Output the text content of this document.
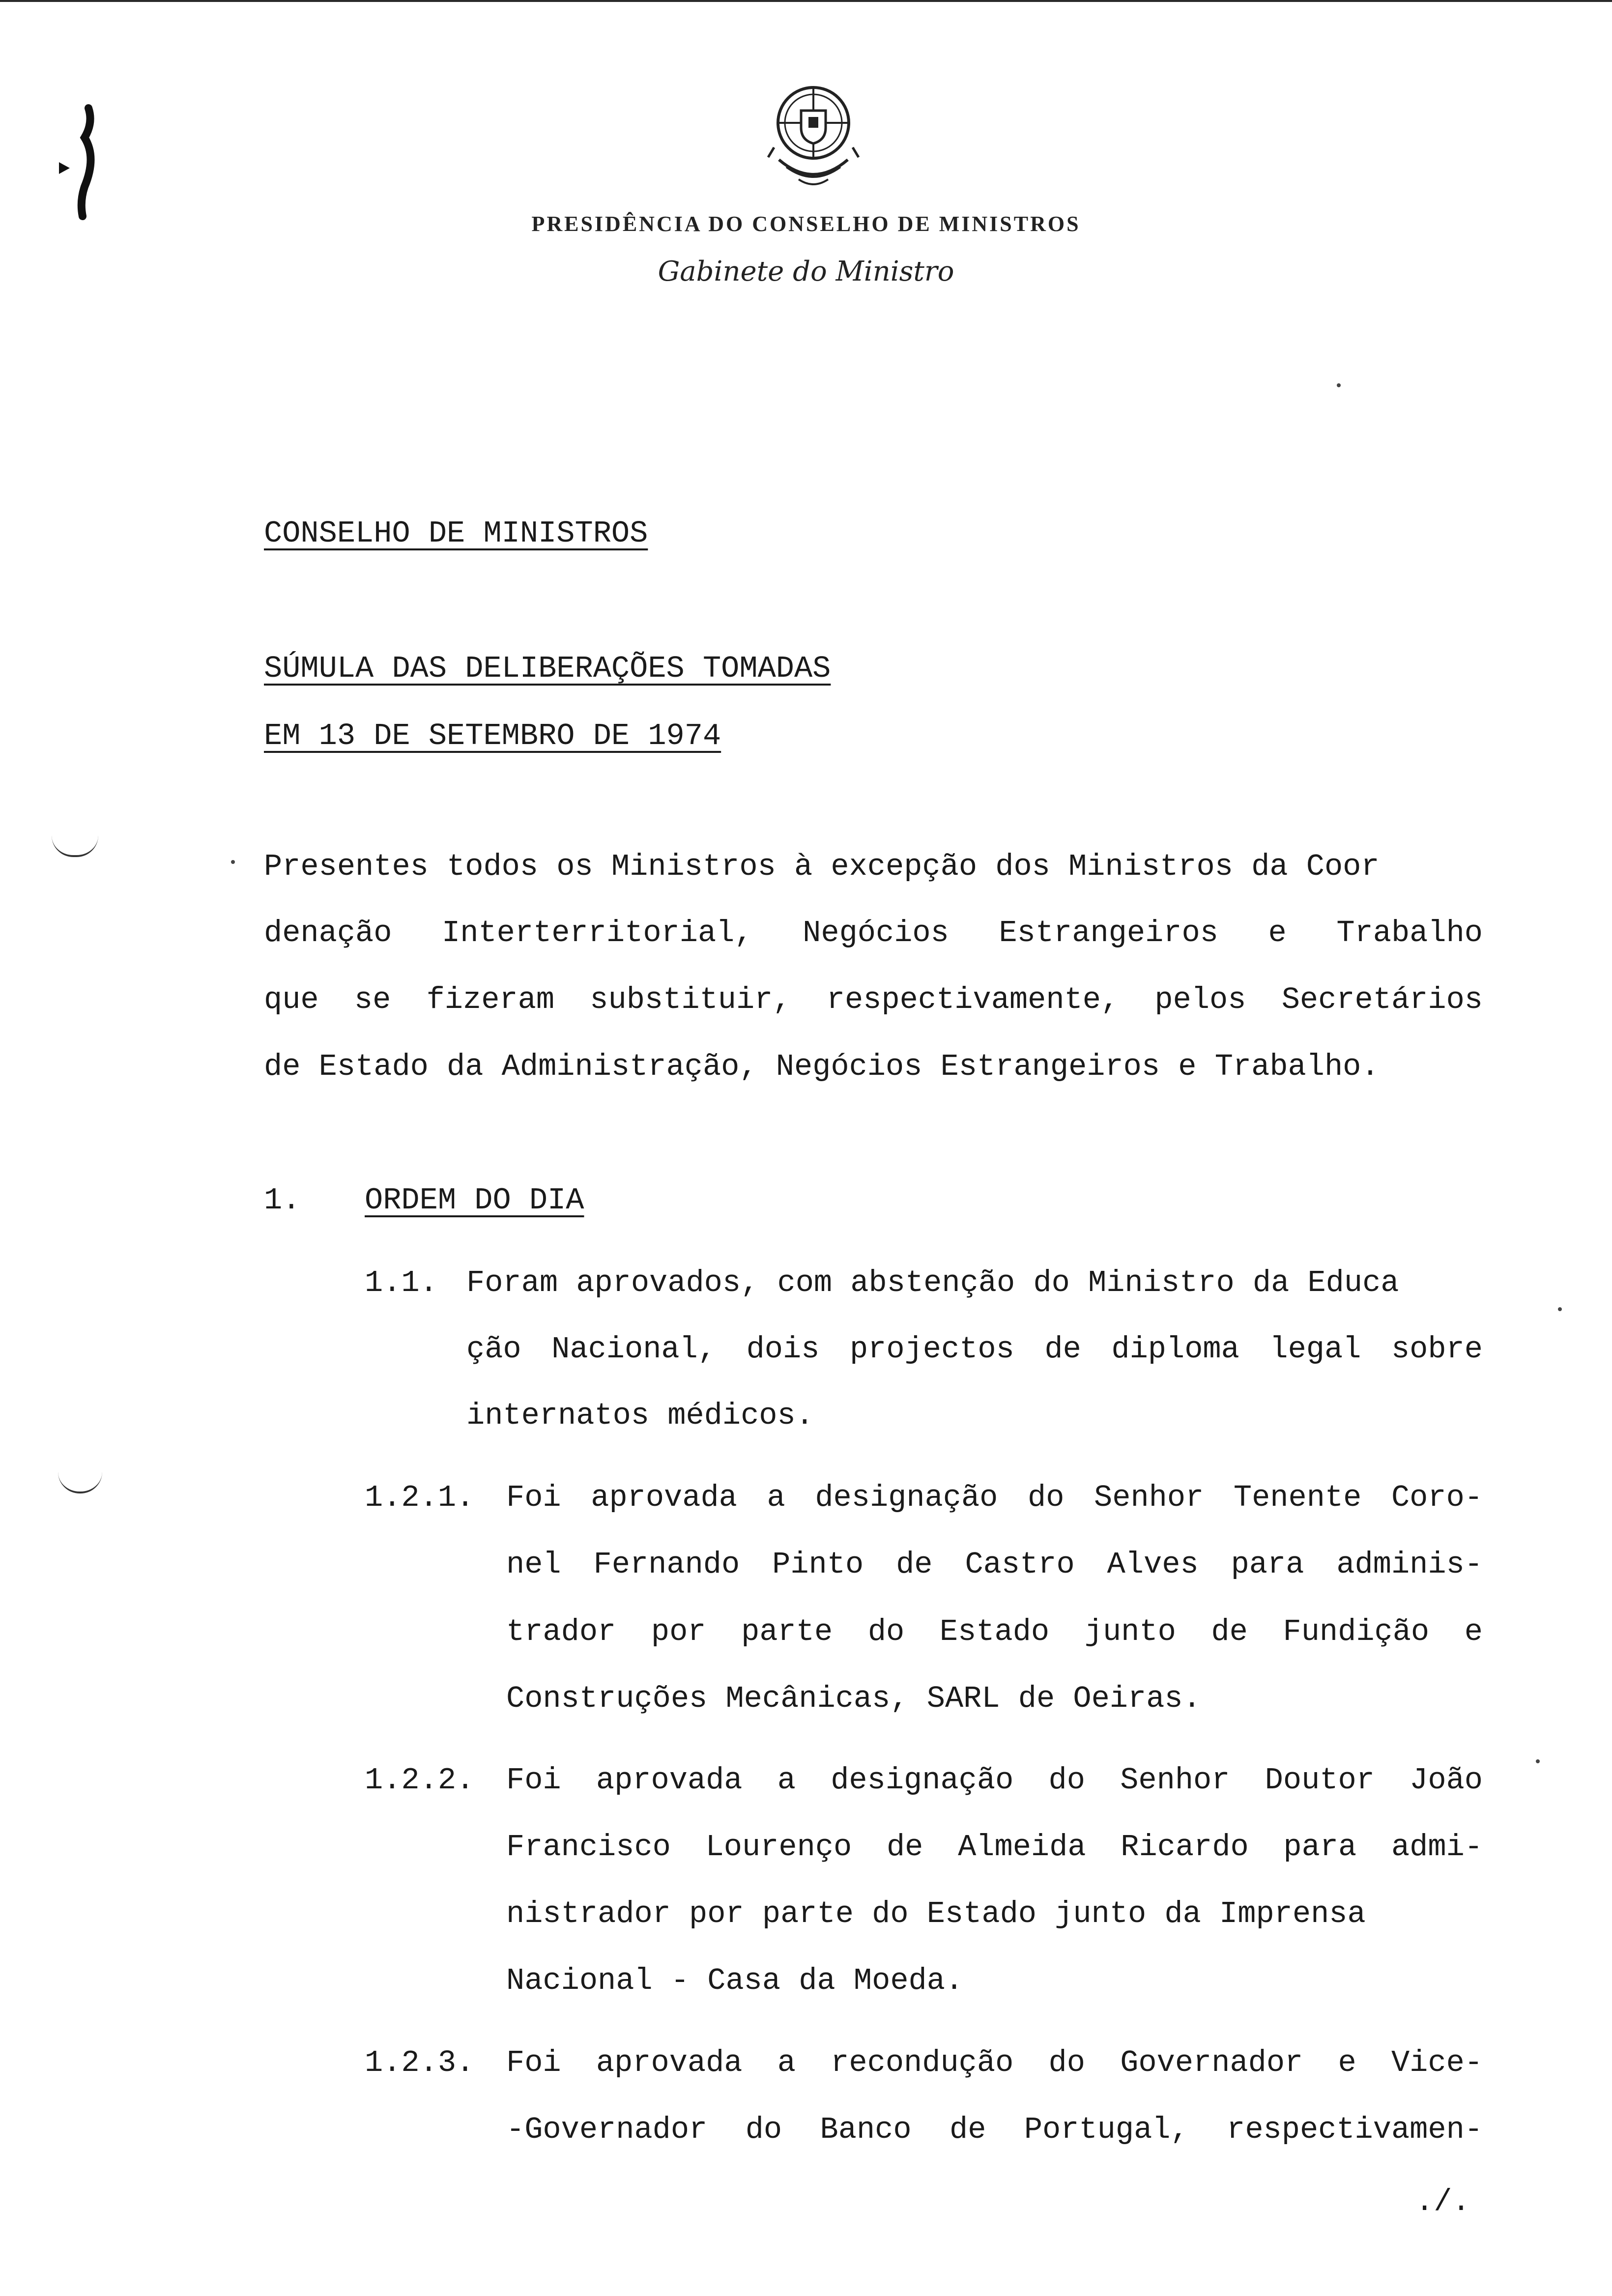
PRESIDÊNCIA DO CONSELHO DE MINISTROS
Gabinete do Ministro
CONSELHO DE MINISTROS
SÚMULA DAS DELIBERAÇÕES TOMADAS
EM 13 DE SETEMBRO DE 1974
Presentes todos os Ministros à excepção dos Ministros da Coor
denação Interterritorial, Negócios Estrangeiros e Trabalho
que se fizeram substituir, respectivamente, pelos Secretários
de Estado da Administração, Negócios Estrangeiros e Trabalho.
1. ORDEM DO DIA
1.1. Foram aprovados, com abstenção do Ministro da Educa
ção Nacional, dois projectos de diploma legal sobre
internatos médicos.
1.2.1. Foi aprovada a designação do Senhor Tenente Coro-
nel Fernando Pinto de Castro Alves para adminis-
trador por parte do Estado junto de Fundição e
Construções Mecânicas, SARL de Oeiras.
1.2.2. Foi aprovada a designação do Senhor Doutor João
Francisco Lourenço de Almeida Ricardo para admi-
nistrador por parte do Estado junto da Imprensa
Nacional - Casa da Moeda.
1.2.3. Foi aprovada a recondução do Governador e Vice-
-Governador do Banco de Portugal, respectivamen-
./.
